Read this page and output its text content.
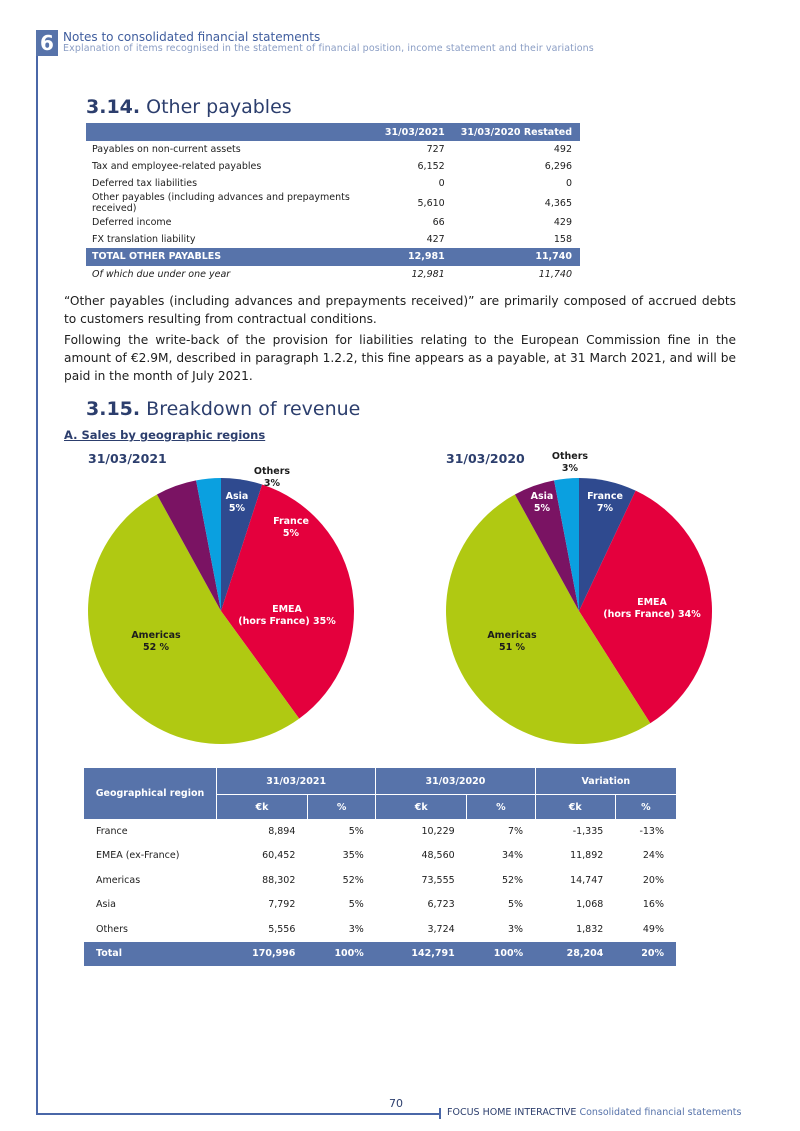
6 Notes to consolidated financial statements
Explanation of items recognised in the statement of financial position, income statement and their variations
3.14. Other payables
	31/03/2021	31/03/2020 Restated
Payables on non-current assets	727	492
Tax and employee-related payables	6,152	6,296
Deferred tax liabilities	0	0
Other payables (including advances and prepayments received)	5,610	4,365
Deferred income	66	429
FX translation liability	427	158
TOTAL OTHER PAYABLES	12,981	11,740
Of which due under one year	12,981	11,740

“Other payables (including advances and prepayments received)” are primarily composed of accrued debts to customers resulting from contractual conditions.

Following the write-back of the provision for liabilities relating to the European Commission fine in the amount of €2.9M, described in paragraph 1.2.2, this fine appears as a payable, at 31 March 2021, and will be paid in the month of July 2021.

3.15. Breakdown of revenue
A. Sales by geographic regions
31/03/2021	31/03/2020
France 5%
EMEA (hors France) 35%
Americas 52 %
Asia 5%
Others 3%
France 7%
EMEA (hors France) 34%
Americas 51 %
Asia 5%
Others 3%
Geographical region	31/03/2021		31/03/2020		Variation	
	€k	%	€k	%	€k	%
France	8,894	5%	10,229	7%	-1,335	-13%
EMEA (ex-France)	60,452	35%	48,560	34%	11,892	24%
Americas	88,302	52%	73,555	52%	14,747	20%
Asia	7,792	5%	6,723	5%	1,068	16%
Others	5,556	3%	3,724	3%	1,832	49%
Total	170,996	100%	142,791	100%	28,204	20%
70
FOCUS HOME INTERACTIVE Consolidated financial statements
